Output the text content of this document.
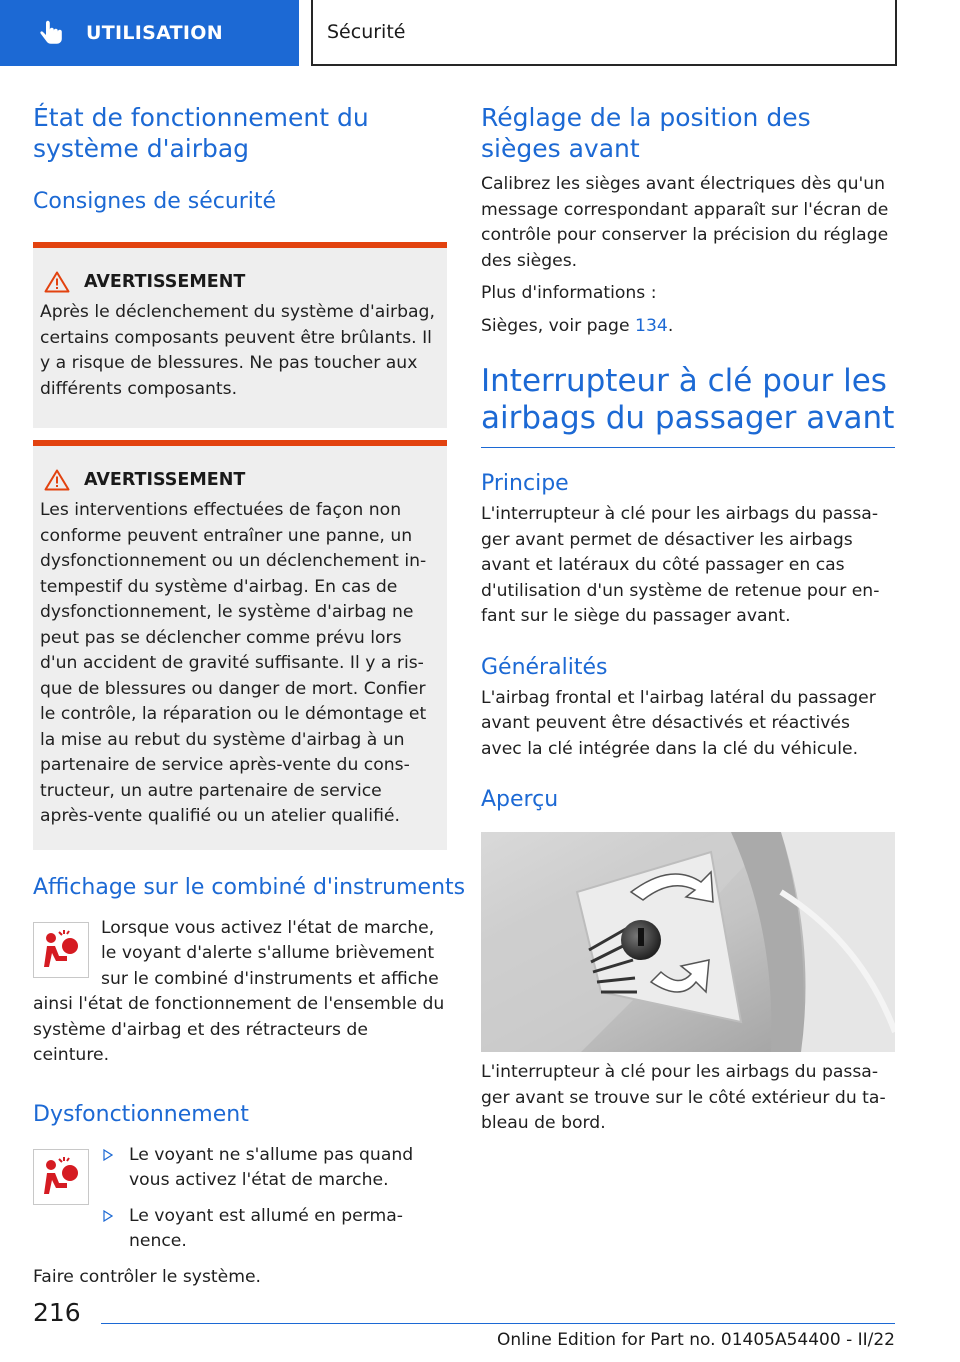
UTILISATION	Sécurité
État de fonctionnement du système d'airbag
Consignes de sécurité
AVERTISSEMENT

Après le déclenchement du système d'airbag, certains composants peuvent être brûlants. Il y a risque de blessures. Ne pas toucher aux différents composants.

AVERTISSEMENT

Les interventions effectuées de façon non conforme peuvent entraîner une panne, un dysfonctionnement ou un déclenchement intempestif du système d'airbag. En cas de dysfonctionnement, le système d'airbag ne peut pas se déclencher comme prévu lors d'un accident de gravité suffisante. Il y a risque de blessures ou danger de mort. Confier le contrôle, la réparation ou le démontage et la mise au rebut du système d'airbag à un partenaire de service après-vente du constructeur, un autre partenaire de service après-vente qualifié ou un atelier qualifié.

Affichage sur le combiné d'instruments

Lorsque vous activez l'état de marche, le voyant d'alerte s'allume brièvement sur le combiné d'instruments et affiche ainsi l'état de fonctionnement de l'ensemble du système d'airbag et des rétracteurs de ceinture.

Dysfonctionnement
Le voyant ne s'allume pas quand vous activez l'état de marche.
Le voyant est allumé en permanence.

Faire contrôler le système.

Réglage de la position des sièges avant

Calibrez les sièges avant électriques dès qu'un message correspondant apparaît sur l'écran de contrôle pour conserver la précision du réglage des sièges.

Plus d'informations :

Sièges, voir page 134.

Interrupteur à clé pour les airbags du passager avant
Principe

L'interrupteur à clé pour les airbags du passager avant permet de désactiver les airbags avant et latéraux du côté passager en cas d'utilisation d'un système de retenue pour enfant sur le siège du passager avant.

Généralités

L'airbag frontal et l'airbag latéral du passager avant peuvent être désactivés et réactivés avec la clé intégrée dans la clé du véhicule.

Aperçu

L'interrupteur à clé pour les airbags du passager avant se trouve sur le côté extérieur du tableau de bord.

216
Online Edition for Part no. 01405A54400 - II/22
